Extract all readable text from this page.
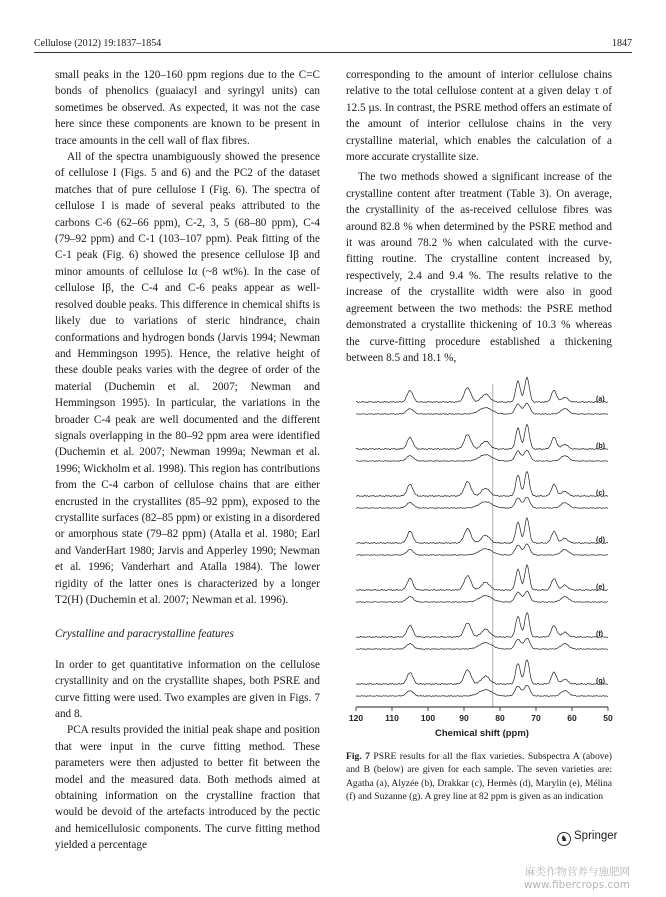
Cellulose (2012) 19:1837–1854	1847

small peaks in the 120–160 ppm regions due to the C=C bonds of phenolics (guaiacyl and syringyl units) can sometimes be observed. As expected, it was not the case here since these components are known to be present in trace amounts in the cell wall of flax fibres.

All of the spectra unambiguously showed the presence of cellulose I (Figs. 5 and 6) and the PC2 of the dataset matches that of pure cellulose I (Fig. 6). The spectra of cellulose I is made of several peaks attributed to the carbons C-6 (62–66 ppm), C-2, 3, 5 (68–80 ppm), C-4 (79–92 ppm) and C-1 (103–107 ppm). Peak fitting of the C-1 peak (Fig. 6) showed the presence cellulose Iβ and minor amounts of cellulose Iα (~8 wt%). In the case of cellulose Iβ, the C-4 and C-6 peaks appear as well-resolved double peaks. This difference in chemical shifts is likely due to variations of steric hindrance, chain conformations and hydrogen bonds (Jarvis 1994; Newman and Hemmingson 1995). Hence, the relative height of these double peaks varies with the degree of order of the material (Duchemin et al. 2007; Newman and Hemmingson 1995). In particular, the variations in the broader C-4 peak are well documented and the different signals overlapping in the 80–92 ppm area were identified (Duchemin et al. 2007; Newman 1999a; Newman et al. 1996; Wickholm et al. 1998). This region has contributions from the C-4 carbon of cellulose chains that are either encrusted in the crystallites (85–92 ppm), exposed to the crystallite surfaces (82–85 ppm) or existing in a disordered or amorphous state (79–82 ppm) (Atalla et al. 1980; Earl and VanderHart 1980; Jarvis and Apperley 1990; Newman et al. 1996; Vanderhart and Atalla 1984). The lower rigidity of the latter ones is characterized by a longer T2(H) (Duchemin et al. 2007; Newman et al. 1996).

Crystalline and paracrystalline features

In order to get quantitative information on the cellulose crystallinity and on the crystallite shapes, both PSRE and curve fitting were used. Two examples are given in Figs. 7 and 8.

PCA results provided the initial peak shape and position that were input in the curve fitting method. These parameters were then adjusted to better fit between the model and the measured data. Both methods aimed at obtaining information on the crystalline fraction that would be devoid of the artefacts introduced by the pectic and hemicellulosic components. The curve fitting method yielded a percentage

corresponding to the amount of interior cellulose chains relative to the total cellulose content at a given delay τ of 12.5 µs. In contrast, the PSRE method offers an estimate of the amount of interior cellulose chains in the very crystalline material, which enables the calculation of a more accurate crystallite size.

The two methods showed a significant increase of the crystalline content after treatment (Table 3). On average, the crystallinity of the as-received cellulose fibres was around 82.8 % when determined by the PSRE method and it was around 78.2 % when calculated with the curve-fitting routine. The crystalline content increased by, respectively, 2.4 and 9.4 %. The results relative to the increase of the crystallite width were also in good agreement between the two methods: the PSRE method demonstrated a crystallite thickening of 10.3 % whereas the curve-fitting procedure established a thickening between 8.5 and 18.1 %,

(a)
(b)
(c)
(d)
(e)
(f)
(g)
120	110	100	90	80	70	60	50
Chemical shift (ppm)
Fig. 7 PSRE results for all the flax varieties. Subspectra A (above) and B (below) are given for each sample. The seven varieties are: Agatha (a), Alyzée (b), Drakkar (c), Hermès (d), Marylin (e), Mélina (f) and Suzanne (g). A grey line at 82 ppm is given as an indication
♞ Springer
麻类作物营养与施肥网
www.fibercrops.com
